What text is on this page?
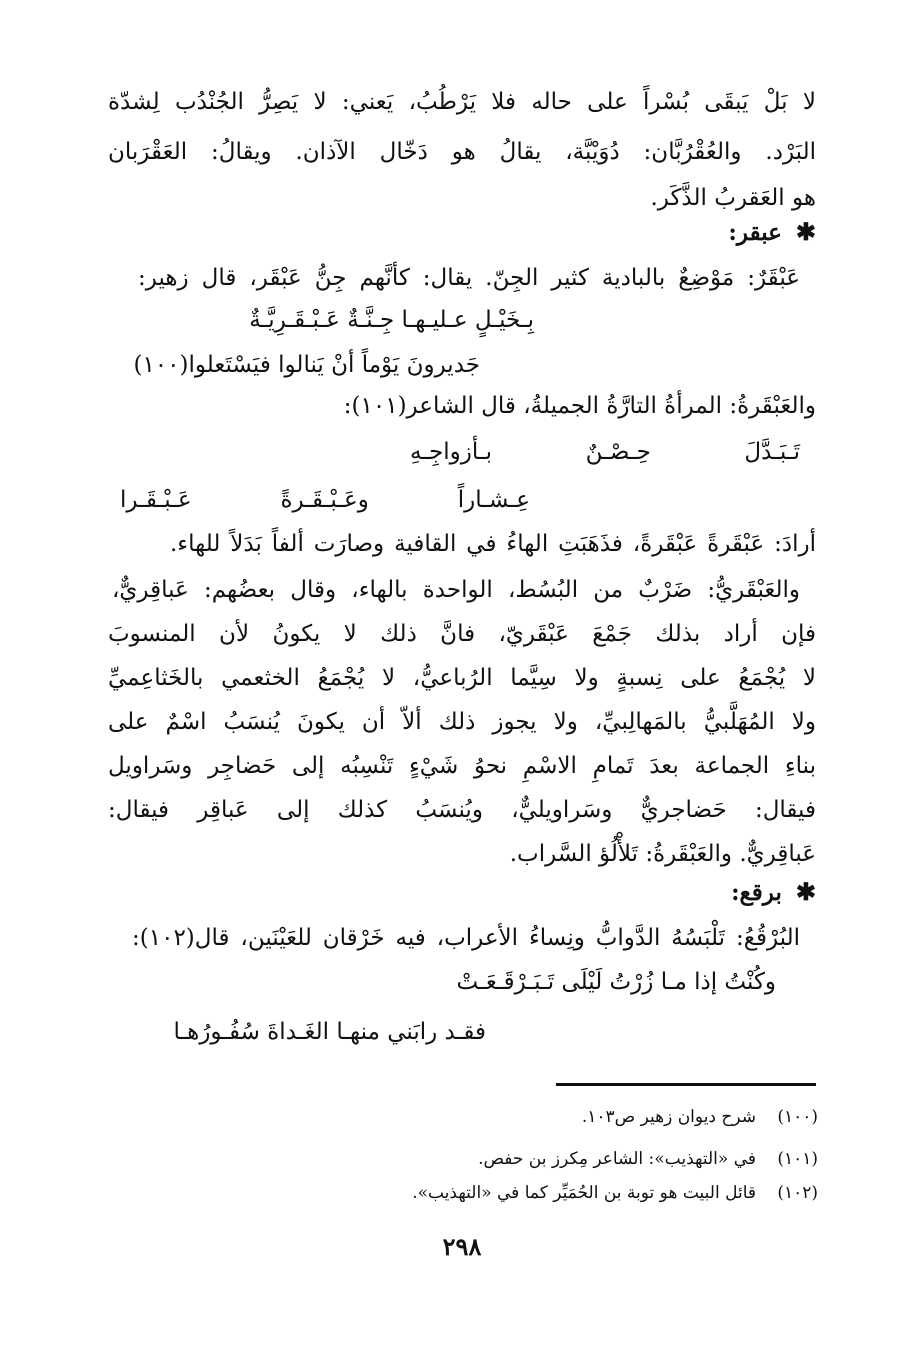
لا بَلْ يَبقَى بُسْراً على حاله فلا يَرْطُبُ، يَعني: لا يَصِرُّ الجُنْدُب لِشدّة
البَرْد. والعُقْرُبَّان: دُوَيْبَّة، يقالُ هو دَخّال الآذان. ويقالُ: العَقْرَبان
هو العَقربُ الذَّكَر.
✱عبقر:
عَبْقَرٌ: مَوْضِعٌ بالبادية كثير الجِنّ. يقال: كأنَّهم جِنُّ عَبْقَر، قال زهير:
بِـخَيْـلٍ عـليـهـا جِـنَّـةٌ عَـبْـقَـرِيَّـةٌ
جَديرونَ يَوْماً أنْ يَنالوا فيَسْتَعلوا(١٠٠)
والعَبْقَرةُ: المرأةُ التارَّةُ الجميلةُ، قال الشاعر(١٠١):
تَـبَـدَّلَ حِـصْـنٌ بـأزواجِـهِ
عِـشـاراً وعَـبْـقَـرةً عَـبْـقَـرا
أرادَ: عَبْقَرةً عَبْقَرةً، فذَهَبَتِ الهاءُ في القافية وصارَت ألفاً بَدَلاً للهاء.
والعَبْقَريُّ: ضَرْبٌ من البُسُط، الواحدة بالهاء، وقال بعضُهم: عَباقِريٌّ،
فإن أراد بذلك جَمْعَ عَبْقَريّ، فانَّ ذلك لا يكونُ لأن المنسوبَ
لا يُجْمَعُ على نِسبةٍ ولا سِيَّما الرُباعيُّ، لا يُجْمَعُ الخثعمي بالخَثاعِميِّ
ولا المُهَلَّبيُّ بالمَهالِبيِّ، ولا يجوز ذلك ألاّ أن يكونَ يُنسَبُ اسْمٌ على
بناءِ الجماعة بعدَ تَمامِ الاسْمِ نحوُ شَيْءٍ تَنْسِبُه إلى حَضاجِر وسَراويل
فيقال: حَضاجريٌّ وسَراويليٌّ، ويُنسَبُ كذلك إلى عَباقِر فيقال:
عَباقِريٌّ. والعَبْقَرةُ: تَلأْلُؤ السَّراب.
✱برقع:
البُرْقُعُ: تَلْبَسُهُ الدَّوابُّ ونِساءُ الأعراب، فيه خَرْقان للعَيْنَين، قال(١٠٢):
وكُنْتُ إذا مـا زُرْتُ لَيْلَى تَـبَـرْقَـعَـتْ
فقـد رابَني منهـا الغَـداةَ سُفُـورُهـا
(١٠٠)شرح ديوان زهير ص١٠٣.
(١٠١)في «التهذيب»: الشاعر مِكرز بن حفص.
(١٠٢)قائل البيت هو توبة بن الحُمَيِّر كما في «التهذيب».
٢٩٨
